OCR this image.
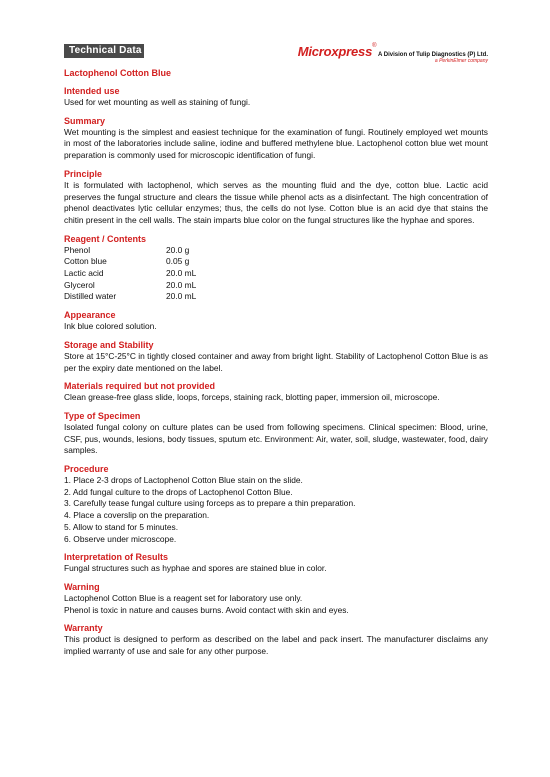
Technical Data	Microxpress® A Division of Tulip Diagnostics (P) Ltd.
a PerkinElmer company
Lactophenol Cotton Blue
Intended use
Used for wet mounting as well as staining of fungi.
Summary
Wet mounting is the simplest and easiest technique for the examination of fungi. Routinely employed wet mounts in most of the laboratories include saline, iodine and buffered methylene blue. Lactophenol cotton blue wet mount preparation is commonly used for microscopic identification of fungi.
Principle
It is formulated with lactophenol, which serves as the mounting fluid and the dye, cotton blue. Lactic acid preserves the fungal structure and clears the tissue while phenol acts as a disinfectant. The high concentration of phenol deactivates lytic cellular enzymes; thus, the cells do not lyse. Cotton blue is an acid dye that stains the chitin present in the cell walls. The stain imparts blue color on the fungal structures like the hyphae and spores.
Reagent / Contents
Phenol	20.0 g
Cotton blue	0.05 g
Lactic acid	20.0 mL
Glycerol	20.0 mL
Distilled water	20.0 mL
Appearance
Ink blue colored solution.
Storage and Stability
Store at 15°C-25°C in tightly closed container and away from bright light. Stability of Lactophenol Cotton Blue is as per the expiry date mentioned on the label.
Materials required but not provided
Clean grease-free glass slide, loops, forceps, staining rack, blotting paper, immersion oil, microscope.
Type of Specimen
Isolated fungal colony on culture plates can be used from following specimens. Clinical specimen: Blood, urine, CSF, pus, wounds, lesions, body tissues, sputum etc. Environment: Air, water, soil, sludge, wastewater, food, dairy samples.
Procedure
1. Place 2-3 drops of Lactophenol Cotton Blue stain on the slide.
2. Add fungal culture to the drops of Lactophenol Cotton Blue.
3. Carefully tease fungal culture using forceps as to prepare a thin preparation.
4. Place a coverslip on the preparation.
5. Allow to stand for 5 minutes.
6. Observe under microscope.
Interpretation of Results
Fungal structures such as hyphae and spores are stained blue in color.
Warning
Lactophenol Cotton Blue is a reagent set for laboratory use only.
Phenol is toxic in nature and causes burns. Avoid contact with skin and eyes.
Warranty
This product is designed to perform as described on the label and pack insert. The manufacturer disclaims any implied warranty of use and sale for any other purpose.
